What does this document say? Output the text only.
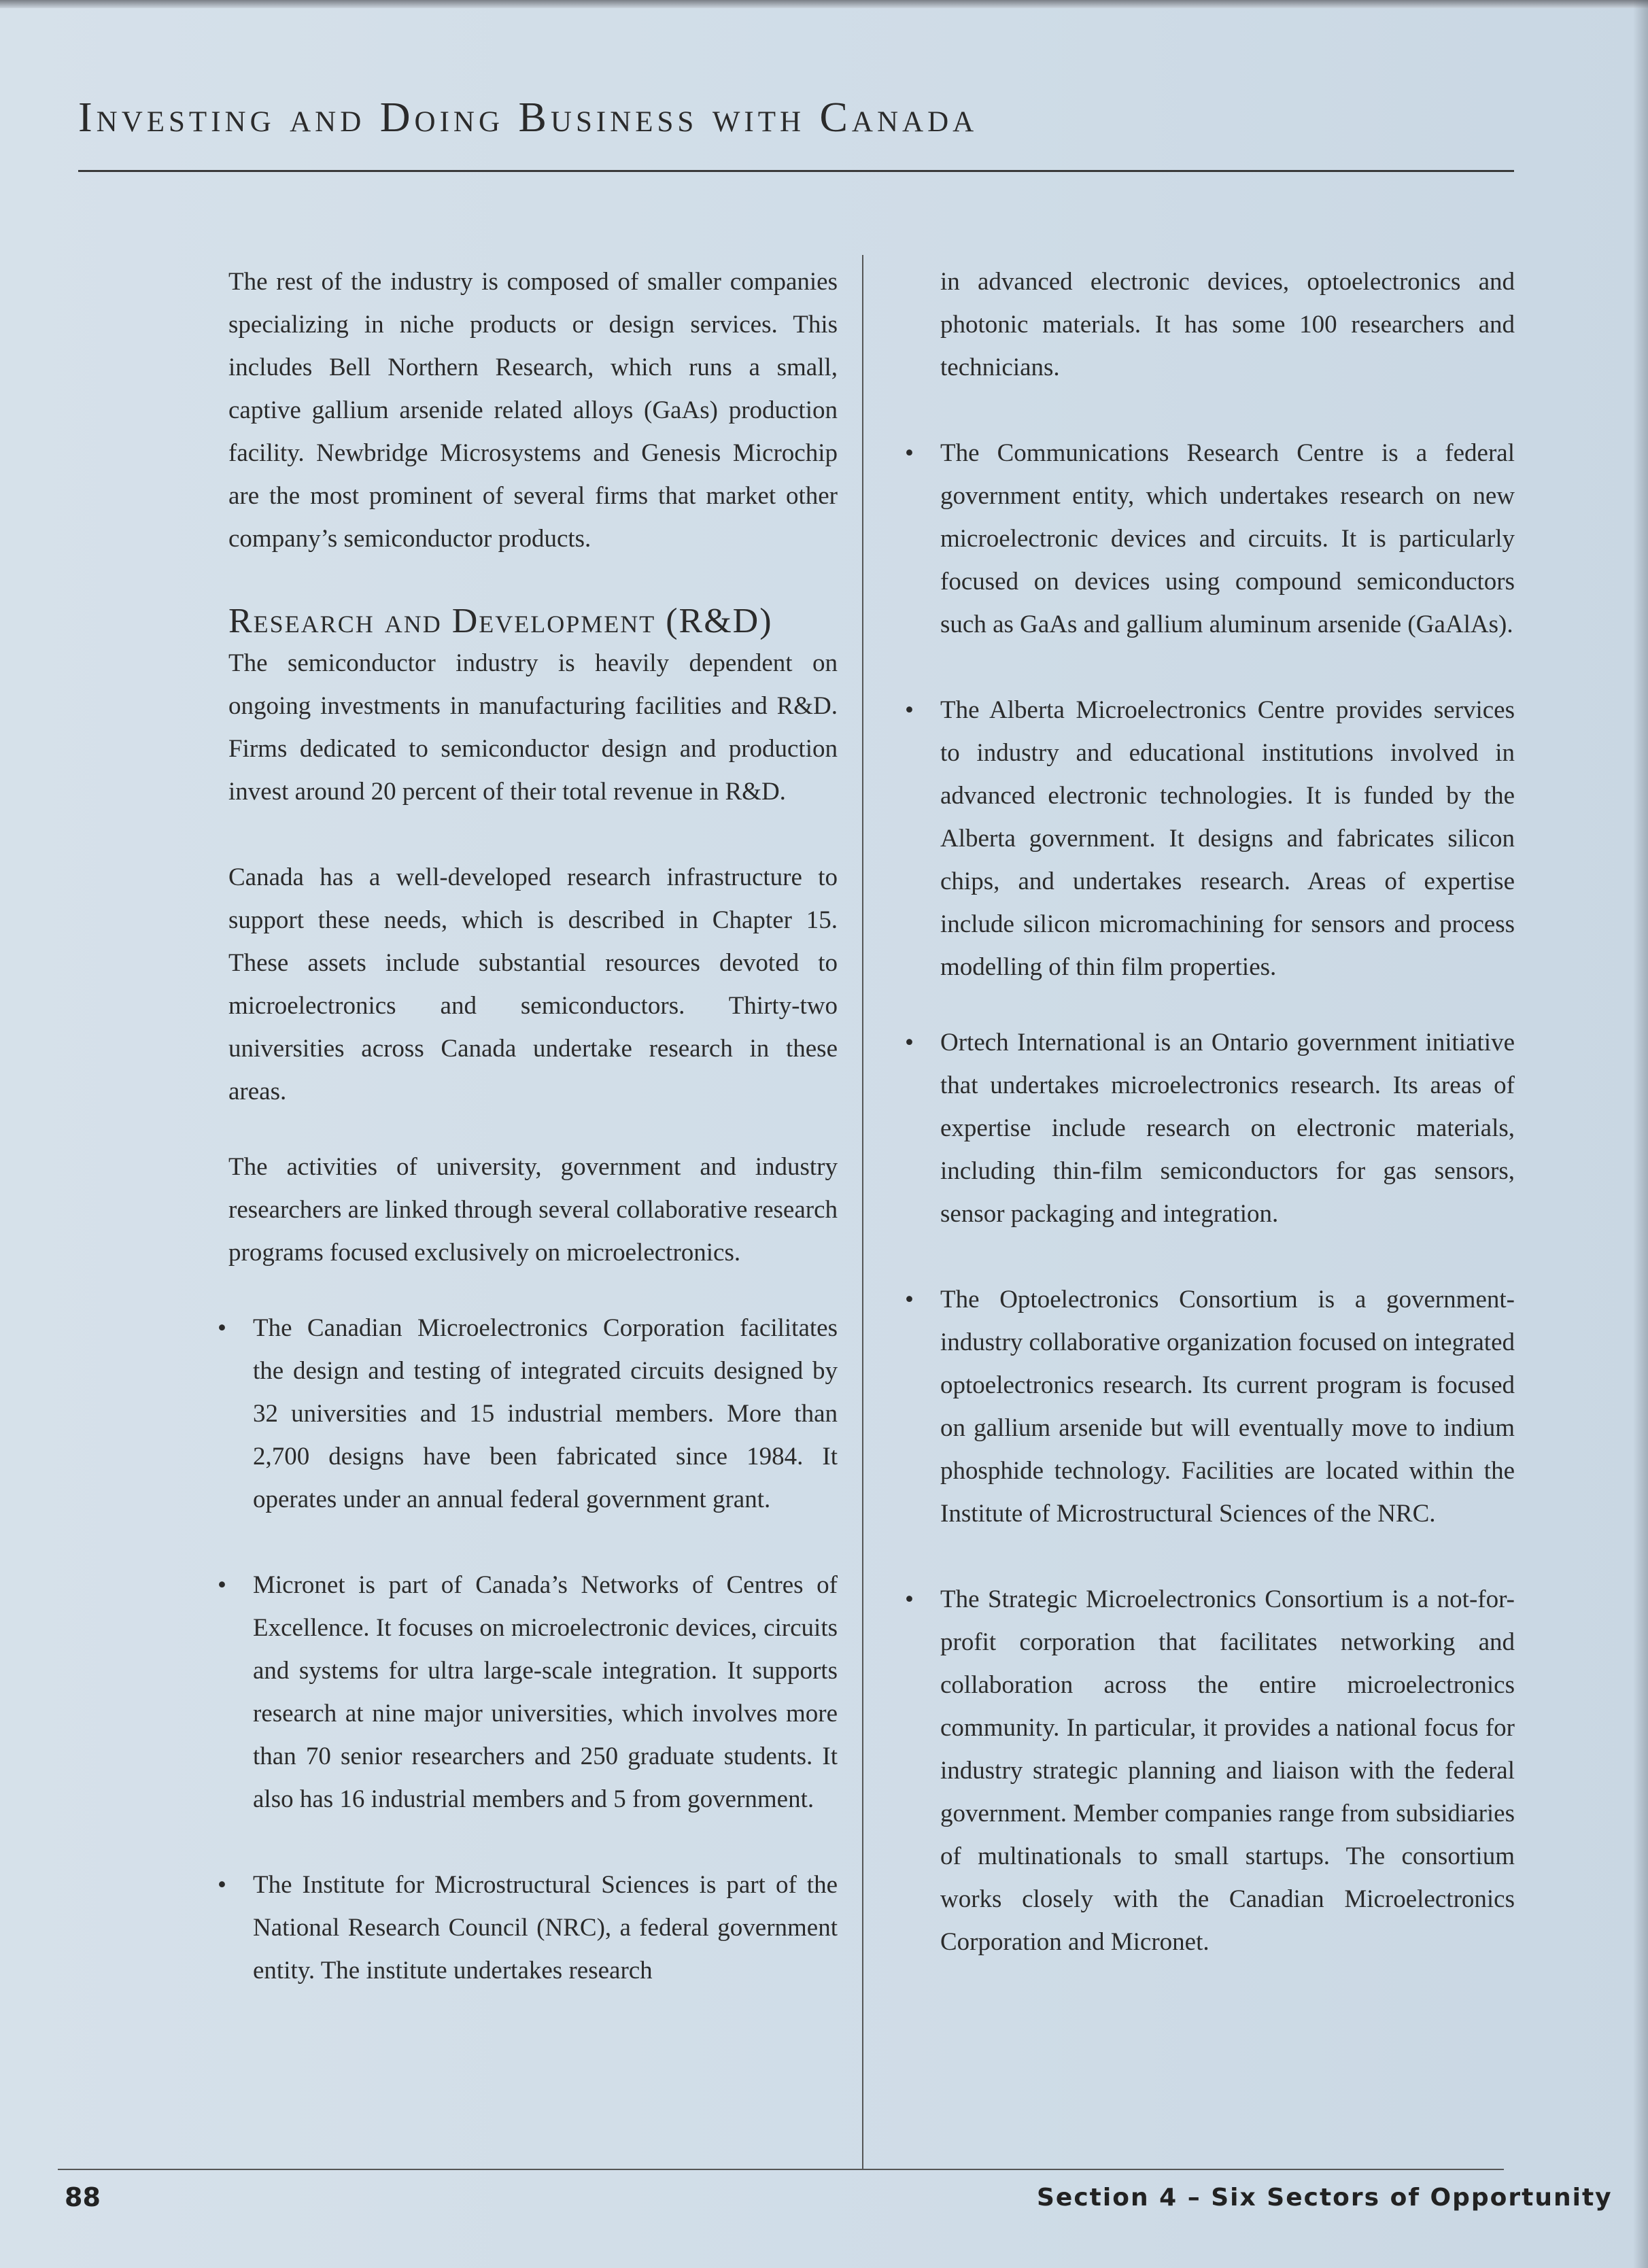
Investing and Doing Business with Canada

The rest of the industry is composed of smaller companies specializing in niche products or design services. This includes Bell Northern Research, which runs a small, captive gallium arsenide related alloys (GaAs) production facility. Newbridge Microsystems and Genesis Microchip are the most prominent of several firms that market other company’s semiconductor products.

Research and Development (R&D)

The semiconductor industry is heavily dependent on ongoing investments in manufacturing facilities and R&D. Firms dedicated to semiconductor design and production invest around 20 percent of their total revenue in R&D.

Canada has a well-developed research infrastructure to support these needs, which is described in Chapter 15. These assets include substantial resources devoted to microelectronics and semiconductors. Thirty-two universities across Canada undertake research in these areas.

The activities of university, government and industry researchers are linked through several collaborative research programs focused exclusively on microelectronics.

• The Canadian Microelectronics Corporation facilitates the design and testing of integrated circuits designed by 32 universities and 15 industrial members. More than 2,700 designs have been fabricated since 1984. It operates under an annual federal government grant.
• Micronet is part of Canada’s Networks of Centres of Excellence. It focuses on microelectronic devices, circuits and systems for ultra large-scale integration. It supports research at nine major universities, which involves more than 70 senior researchers and 250 graduate students. It also has 16 industrial members and 5 from government.
• The Institute for Microstructural Sciences is part of the National Research Council (NRC), a federal government entity. The institute undertakes research

in advanced electronic devices, optoelectronics and photonic materials. It has some 100 researchers and technicians.

• The Communications Research Centre is a federal government entity, which undertakes research on new microelectronic devices and circuits. It is particularly focused on devices using compound semiconductors such as GaAs and gallium aluminum arsenide (GaAlAs).
• The Alberta Microelectronics Centre provides services to industry and educational institutions involved in advanced electronic technologies. It is funded by the Alberta government. It designs and fabricates silicon chips, and undertakes research. Areas of expertise include silicon micromachining for sensors and process modelling of thin film properties.
• Ortech International is an Ontario government initiative that undertakes microelectronics research. Its areas of expertise include research on electronic materials, including thin-film semiconductors for gas sensors, sensor packaging and integration.
• The Optoelectronics Consortium is a government-industry collaborative organization focused on integrated optoelectronics research. Its current program is focused on gallium arsenide but will eventually move to indium phosphide technology. Facilities are located within the Institute of Microstructural Sciences of the NRC.
• The Strategic Microelectronics Consortium is a not-for-profit corporation that facilitates networking and collaboration across the entire microelectronics community. In particular, it provides a national focus for industry strategic planning and liaison with the federal government. Member companies range from subsidiaries of multinationals to small startups. The consortium works closely with the Canadian Microelectronics Corporation and Micronet.
88	Section 4 – Six Sectors of Opportunity
